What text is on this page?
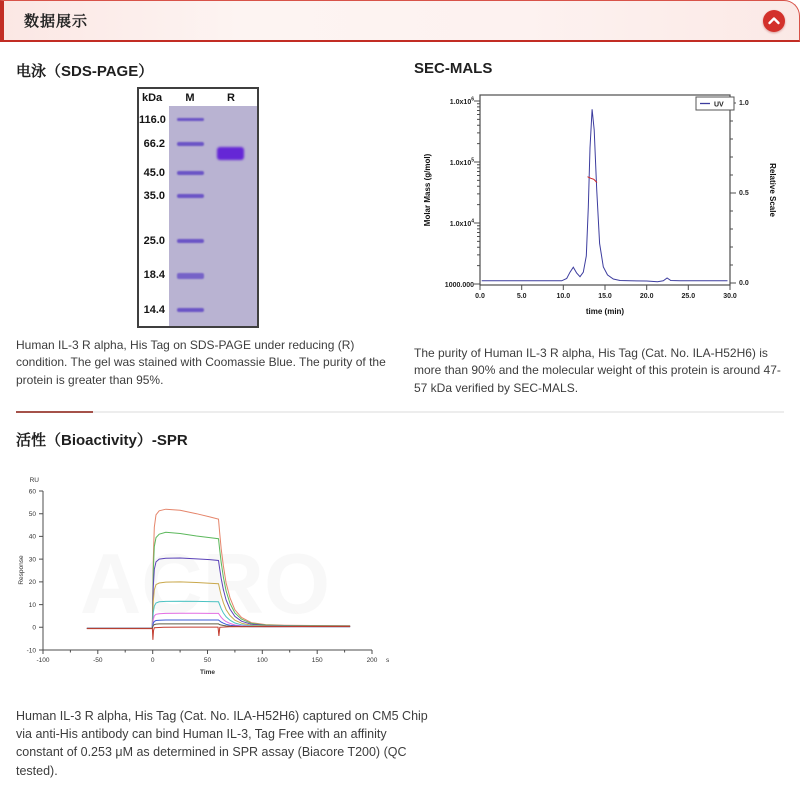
数据展示
电泳（SDS-PAGE）
kDa	M	R
116.0
66.2
45.0
35.0
25.0
18.4
14.4

Human IL-3 R alpha, His Tag on SDS-PAGE under reducing (R) condition. The gel was stained with Coomassie Blue. The purity of the protein is greater than 95%.

SEC-MALS
$1.0x10^6$
$1.0x10^5$
$1.0x10^4$
1000.000
1.0
0.5
0.0
0.0	5.0	10.0	15.0	20.0	25.0	30.0
Molar Mass (g/mol)	Relative Scale
time (min)
UV

The purity of Human IL-3 R alpha, His Tag (Cat. No. ILA-H52H6) is more than 90% and the molecular weight of this protein is around 47-57 kDa verified by SEC-MALS.

活性（Bioactivity）-SPR
ACRO
60
50
40
30
20
10
0
-10
-100	-50	0	50	100	150	200
RU
Response
Time
s

Human IL-3 R alpha, His Tag (Cat. No. ILA-H52H6) captured on CM5 Chip via anti-His antibody can bind Human IL-3, Tag Free with an affinity constant of 0.253 μM as determined in SPR assay (Biacore T200) (QC tested).
